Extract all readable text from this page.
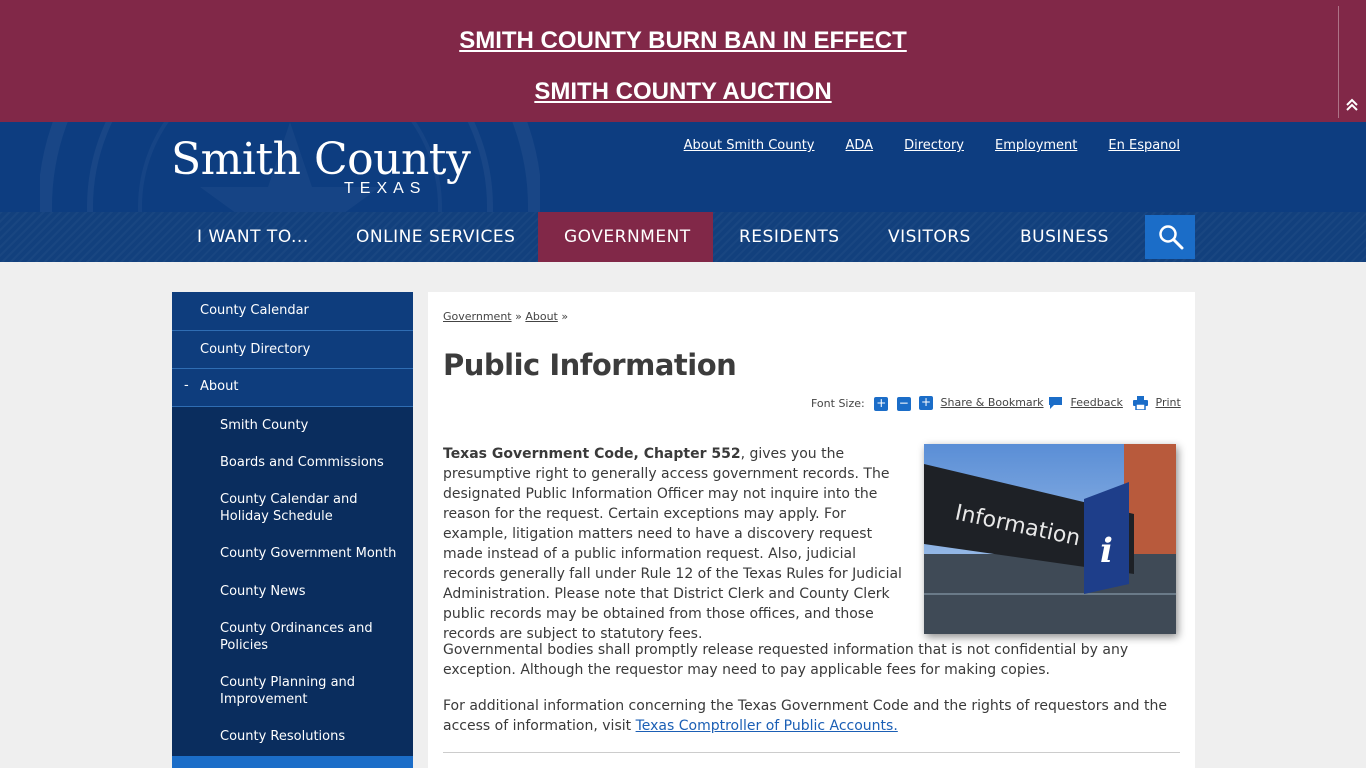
SMITH COUNTY BURN BAN IN EFFECT
SMITH COUNTY AUCTION
Smith County
TEXAS
About Smith County ADA Directory Employment En Espanol
I WANT TO...	ONLINE SERVICES	GOVERNMENT	RESIDENTS	VISITORS	BUSINESS
County Calendar
County Directory
- About
Smith County
Boards and Commissions
County Calendar and Holiday Schedule
County Government Month
County News
County Ordinances and Policies
County Planning and Improvement
County Resolutions
Government » About »
Public Information
Font Size: + − + Share & Bookmark	Feedback	Print

Texas Government Code, Chapter 552, gives you the presumptive right to generally access government records. The designated Public Information Officer may not inquire into the reason for the request. Certain exceptions may apply. For example, litigation matters need to have a discovery request made instead of a public information request. Also, judicial records generally fall under Rule 12 of the Texas Rules for Judicial Administration. Please note that District Clerk and County Clerk public records may be obtained from those offices, and those records are subject to statutory fees.

Information i

Governmental bodies shall promptly release requested information that is not confidential by any exception. Although the requestor may need to pay applicable fees for making copies.

For additional information concerning the Texas Government Code and the rights of requestors and the access of information, visit Texas Comptroller of Public Accounts.
